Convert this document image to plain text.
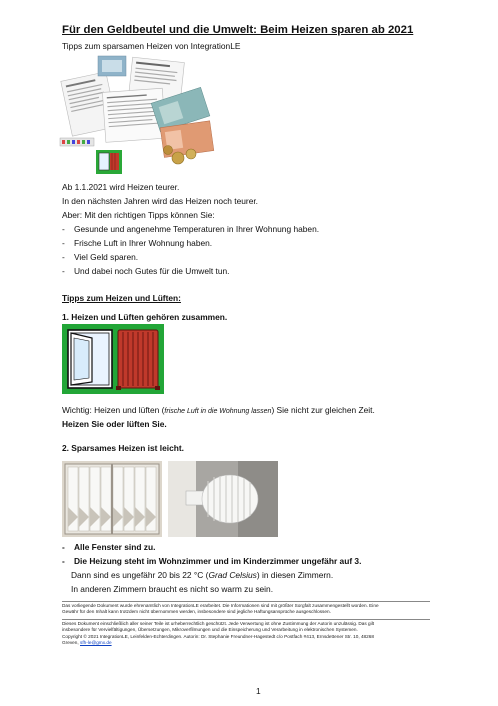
Für den Geldbeutel und die Umwelt: Beim Heizen sparen ab 2021
Tipps zum sparsamen Heizen von IntegrationLE
Ab 1.1.2021 wird Heizen teurer.
In den nächsten Jahren wird das Heizen noch teurer.
Aber: Mit den richtigen Tipps können Sie:
- Gesunde und angenehme Temperaturen in Ihrer Wohnung haben.
- Frische Luft in Ihrer Wohnung haben.
- Viel Geld sparen.
- Und dabei noch Gutes für die Umwelt tun.
Tipps zum Heizen und Lüften:
1. Heizen und Lüften gehören zusammen.
Wichtig: Heizen und lüften (frische Luft in die Wohnung lassen) Sie nicht zur gleichen Zeit.
Heizen Sie oder lüften Sie.
2. Sparsames Heizen ist leicht.
- Alle Fenster sind zu.
- Die Heizung steht im Wohnzimmer und im Kinderzimmer ungefähr auf 3.
Dann sind es ungefähr 20 bis 22 °C (Grad Celsius) in diesen Zimmern.
In anderen Zimmern braucht es nicht so warm zu sein.
Das vorliegende Dokument wurde ehrenamtlich von IntegrationLE erarbeitet. Die Informationen sind mit größter Sorgfalt zusammengestellt worden. Eine
Gewähr für den Inhalt kann trotzdem nicht übernommen werden, insbesondere sind jegliche Haftungsansprüche ausgeschlossen.
Dieses Dokument einschließlich aller seiner Teile ist urheberrechtlich geschützt. Jede Verwertung ist ohne Zustimmung der Autorin unzulässig. Das gilt
insbesondere für Vervielfältigungen, Übersetzungen, Mikroverfilmungen und die Einspeicherung und Verarbeitung in elektronischen Systemen.
Copyright © 2021 IntegrationLE, Leinfelden-Echterdingen. Autorin: Dr. Stephanie Freundner-Hagestedt c/o Postfach #413, Ernsdettener Str. 10, 48268
Greven, sfh-le@gmx.de
1
